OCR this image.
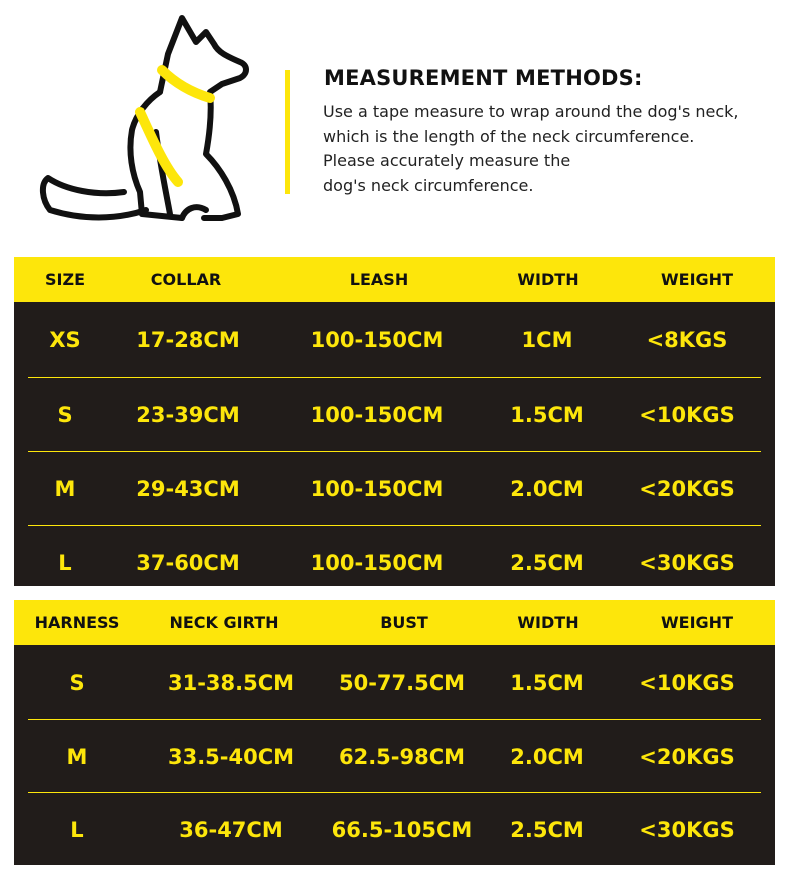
MEASUREMENT METHODS:
Use a tape measure to wrap around the dog's neck,
which is the length of the neck circumference.
Please accurately measure the
dog's neck circumference.
SIZE	COLLAR	LEASH	WIDTH	WEIGHT
XS	17-28CM	100-150CM	1CM	<8KGS
S	23-39CM	100-150CM	1.5CM	<10KGS
M	29-43CM	100-150CM	2.0CM	<20KGS
L	37-60CM	100-150CM	2.5CM	<30KGS
HARNESS	NECK GIRTH	BUST	WIDTH	WEIGHT
S	31-38.5CM 50-77.5CM 1.5CM	<10KGS
M	33.5-40CM 62.5-98CM 2.0CM	<20KGS
L	36-47CM 66.5-105CM 2.5CM	<30KGS
